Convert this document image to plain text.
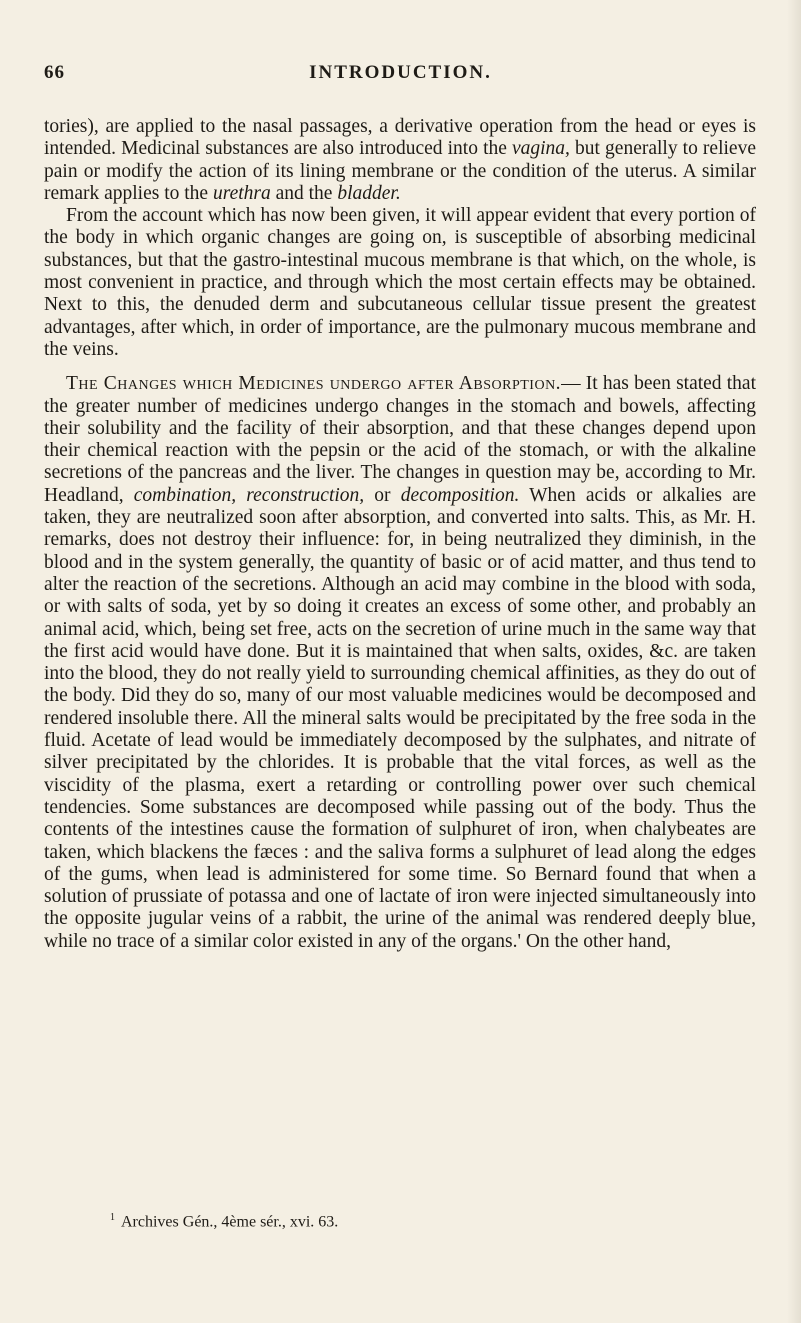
66	INTRODUCTION.

tories), are applied to the nasal passages, a derivative operation from the head or eyes is intended. Medicinal substances are also introduced into the vagina, but generally to relieve pain or modify the action of its lining membrane or the condition of the uterus. A similar remark applies to the urethra and the bladder.

From the account which has now been given, it will appear evident that every portion of the body in which organic changes are going on, is susceptible of absorbing medicinal substances, but that the gastro-intestinal mucous membrane is that which, on the whole, is most convenient in practice, and through which the most certain effects may be obtained. Next to this, the denuded derm and subcutaneous cellular tissue present the greatest advantages, after which, in order of importance, are the pulmonary mucous membrane and the veins.

The Changes which Medicines undergo after Absorption.— It has been stated that the greater number of medicines undergo changes in the stomach and bowels, affecting their solubility and the facility of their absorption, and that these changes depend upon their chemical reaction with the pepsin or the acid of the stomach, or with the alkaline secretions of the pancreas and the liver. The changes in question may be, according to Mr. Headland, combination, reconstruction, or decomposition. When acids or alkalies are taken, they are neutralized soon after absorption, and converted into salts. This, as Mr. H. remarks, does not destroy their influence: for, in being neutralized they diminish, in the blood and in the system generally, the quantity of basic or of acid matter, and thus tend to alter the reaction of the secretions. Although an acid may combine in the blood with soda, or with salts of soda, yet by so doing it creates an excess of some other, and probably an animal acid, which, being set free, acts on the secretion of urine much in the same way that the first acid would have done. But it is maintained that when salts, oxides, &c. are taken into the blood, they do not really yield to surrounding chemical affinities, as they do out of the body. Did they do so, many of our most valuable medicines would be decomposed and rendered insoluble there. All the mineral salts would be precipitated by the free soda in the fluid. Acetate of lead would be immediately decomposed by the sulphates, and nitrate of silver precipitated by the chlorides. It is probable that the vital forces, as well as the viscidity of the plasma, exert a retarding or controlling power over such chemical tendencies. Some substances are decomposed while passing out of the body. Thus the contents of the intestines cause the formation of sulphuret of iron, when chalybeates are taken, which blackens the fæces : and the saliva forms a sulphuret of lead along the edges of the gums, when lead is administered for some time. So Bernard found that when a solution of prussiate of potassa and one of lactate of iron were injected simultaneously into the opposite jugular veins of a rabbit, the urine of the animal was rendered deeply blue, while no trace of a similar color existed in any of the organs.' On the other hand,

$^1$ Archives Gén., 4ème sér., xvi. 63.
